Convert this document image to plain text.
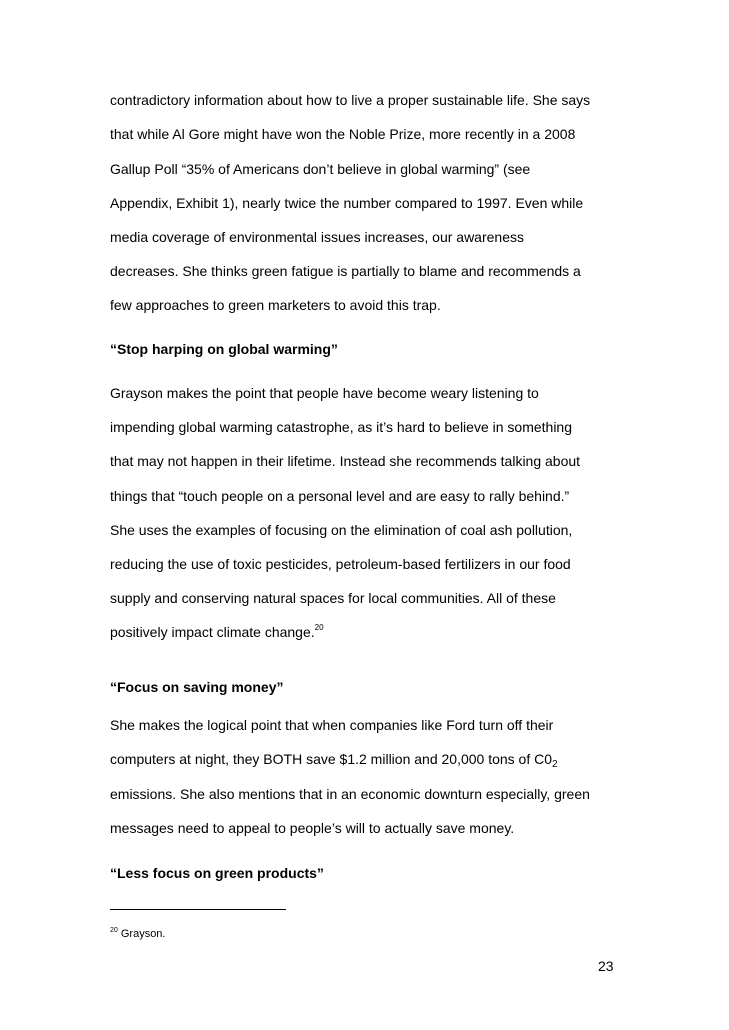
contradictory information about how to live a proper sustainable life. She says

that while Al Gore might have won the Noble Prize, more recently in a 2008

Gallup Poll “35% of Americans don’t believe in global warming” (see

Appendix, Exhibit 1), nearly twice the number compared to 1997. Even while

media coverage of environmental issues increases, our awareness

decreases. She thinks green fatigue is partially to blame and recommends a

few approaches to green marketers to avoid this trap.

“Stop harping on global warming”

Grayson makes the point that people have become weary listening to

impending global warming catastrophe, as it’s hard to believe in something

that may not happen in their lifetime. Instead she recommends talking about

things that “touch people on a personal level and are easy to rally behind.”

She uses the examples of focusing on the elimination of coal ash pollution,

reducing the use of toxic pesticides, petroleum-based fertilizers in our food

supply and conserving natural spaces for local communities. All of these

positively impact climate change.$^{20}$

“Focus on saving money”

She makes the logical point that when companies like Ford turn off their

computers at night, they BOTH save $1.2 million and 20,000 tons of $C0_2$

emissions. She also mentions that in an economic downturn especially, green

messages need to appeal to people’s will to actually save money.

“Less focus on green products”

$^{20}$ Grayson.
23
